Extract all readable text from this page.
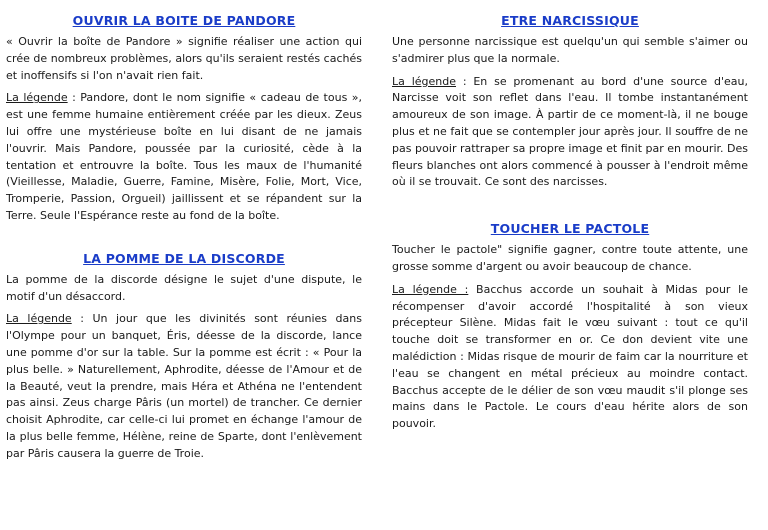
OUVRIR LA BOITE DE PANDORE

« Ouvrir la boîte de Pandore » signifie réaliser une action qui crée de nombreux problèmes, alors qu'ils seraient restés cachés et inoffensifs si l'on n'avait rien fait.

La légende : Pandore, dont le nom signifie « cadeau de tous », est une femme humaine entièrement créée par les dieux. Zeus lui offre une mystérieuse boîte en lui disant de ne jamais l'ouvrir. Mais Pandore, poussée par la curiosité, cède à la tentation et entrouvre la boîte. Tous les maux de l'humanité (Vieillesse, Maladie, Guerre, Famine, Misère, Folie, Mort, Vice, Tromperie, Passion, Orgueil) jaillissent et se répandent sur la Terre. Seule l'Espérance reste au fond de la boîte.

LA POMME DE LA DISCORDE

La pomme de la discorde désigne le sujet d'une dispute, le motif d'un désaccord.

La légende : Un jour que les divinités sont réunies dans l'Olympe pour un banquet, Éris, déesse de la discorde, lance une pomme d'or sur la table. Sur la pomme est écrit : « Pour la plus belle. » Naturellement, Aphrodite, déesse de l'Amour et de la Beauté, veut la prendre, mais Héra et Athéna ne l'entendent pas ainsi. Zeus charge Pâris (un mortel) de trancher. Ce dernier choisit Aphrodite, car celle-ci lui promet en échange l'amour de la plus belle femme, Hélène, reine de Sparte, dont l'enlèvement par Pâris causera la guerre de Troie.

ETRE NARCISSIQUE

Une personne narcissique est quelqu'un qui semble s'aimer ou s'admirer plus que la normale.

La légende : En se promenant au bord d'une source d'eau, Narcisse voit son reflet dans l'eau. Il tombe instantanément amoureux de son image. À partir de ce moment-là, il ne bouge plus et ne fait que se contempler jour après jour. Il souffre de ne pas pouvoir rattraper sa propre image et finit par en mourir. Des fleurs blanches ont alors commencé à pousser à l'endroit même où il se trouvait. Ce sont des narcisses.

TOUCHER LE PACTOLE

Toucher le pactole" signifie gagner, contre toute attente, une grosse somme d'argent ou avoir beaucoup de chance.

La légende : Bacchus accorde un souhait à Midas pour le récompenser d'avoir accordé l'hospitalité à son vieux précepteur Silène. Midas fait le vœu suivant : tout ce qu'il touche doit se transformer en or. Ce don devient vite une malédiction : Midas risque de mourir de faim car la nourriture et l'eau se changent en métal précieux au moindre contact. Bacchus accepte de le délier de son vœu maudit s'il plonge ses mains dans le Pactole. Le cours d'eau hérite alors de son pouvoir.
